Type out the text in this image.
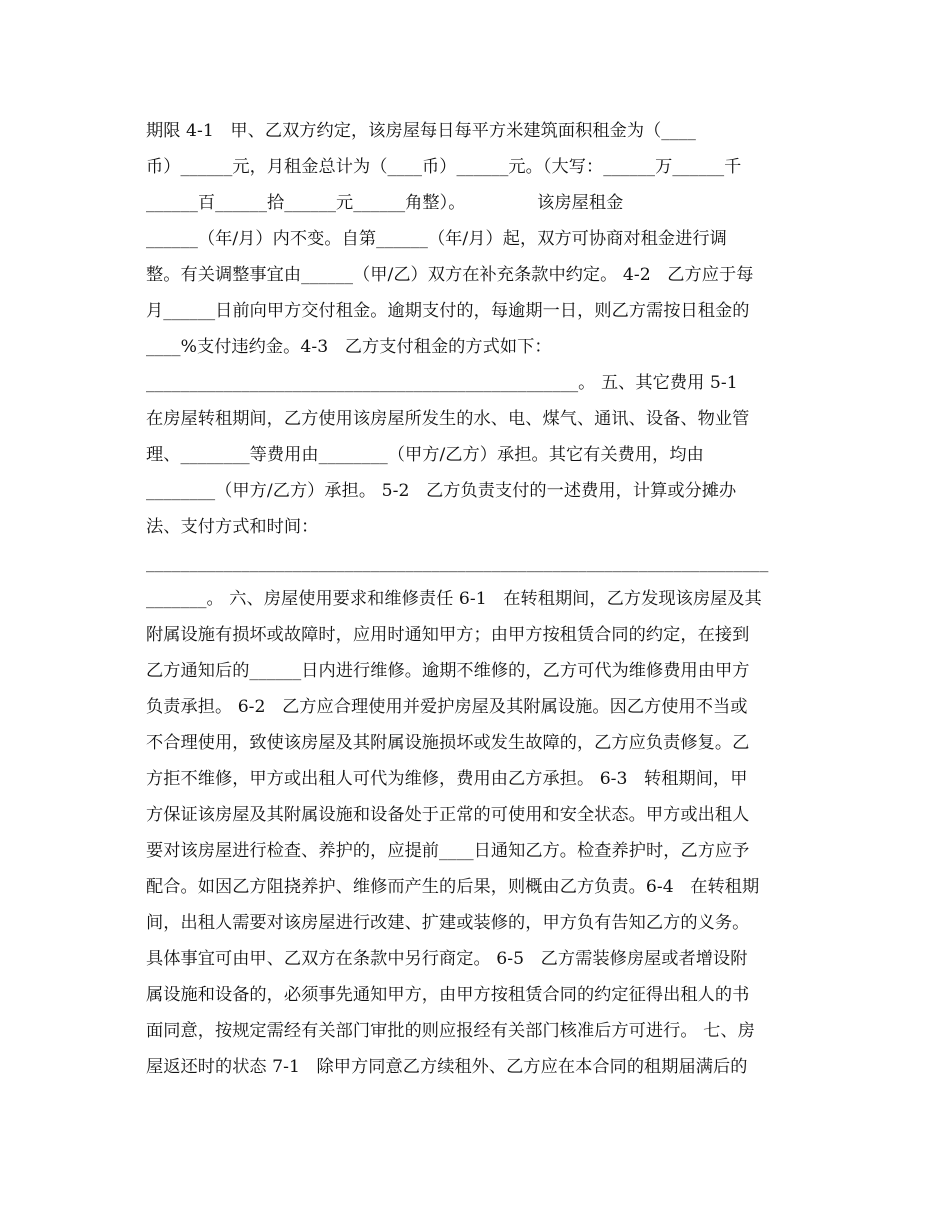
期限 4-1   甲、乙双方约定，该房屋每日每平方米建筑面积租金为（____
币）______元，月租金总计为（____币）______元。（大写：______万______千
______百______拾______元______角整）。             该房屋租金
______（年/月）内不变。自第______（年/月）起，双方可协商对租金进行调
整。有关调整事宜由______（甲/乙）双方在补充条款中约定。 4-2   乙方应于每
月______日前向甲方交付租金。逾期支付的，每逾期一日，则乙方需按日租金的
____%支付违约金。4-3   乙方支付租金的方式如下：
__________________________________________________。 五、其它费用 5-1
在房屋转租期间，乙方使用该房屋所发生的水、电、煤气、通讯、设备、物业管
理、________等费用由________（甲方/乙方）承担。其它有关费用，均由
________（甲方/乙方）承担。 5-2   乙方负责支付的一述费用，计算或分摊办
法、支付方式和时间：
________________________________________________________________________
_______。 六、房屋使用要求和维修责任 6-1   在转租期间，乙方发现该房屋及其
附属设施有损坏或故障时，应用时通知甲方；由甲方按租赁合同的约定，在接到
乙方通知后的______日内进行维修。逾期不维修的，乙方可代为维修费用由甲方
负责承担。 6-2   乙方应合理使用并爱护房屋及其附属设施。因乙方使用不当或
不合理使用，致使该房屋及其附属设施损坏或发生故障的，乙方应负责修复。乙
方拒不维修，甲方或出租人可代为维修，费用由乙方承担。 6-3   转租期间，甲
方保证该房屋及其附属设施和设备处于正常的可使用和安全状态。甲方或出租人
要对该房屋进行检查、养护的，应提前____日通知乙方。检查养护时，乙方应予
配合。如因乙方阻挠养护、维修而产生的后果，则概由乙方负责。6-4   在转租期
间，出租人需要对该房屋进行改建、扩建或装修的，甲方负有告知乙方的义务。
具体事宜可由甲、乙双方在条款中另行商定。 6-5   乙方需装修房屋或者增设附
属设施和设备的，必须事先通知甲方，由甲方按租赁合同的约定征得出租人的书
面同意，按规定需经有关部门审批的则应报经有关部门核准后方可进行。 七、房
屋返还时的状态 7-1   除甲方同意乙方续租外、乙方应在本合同的租期届满后的
